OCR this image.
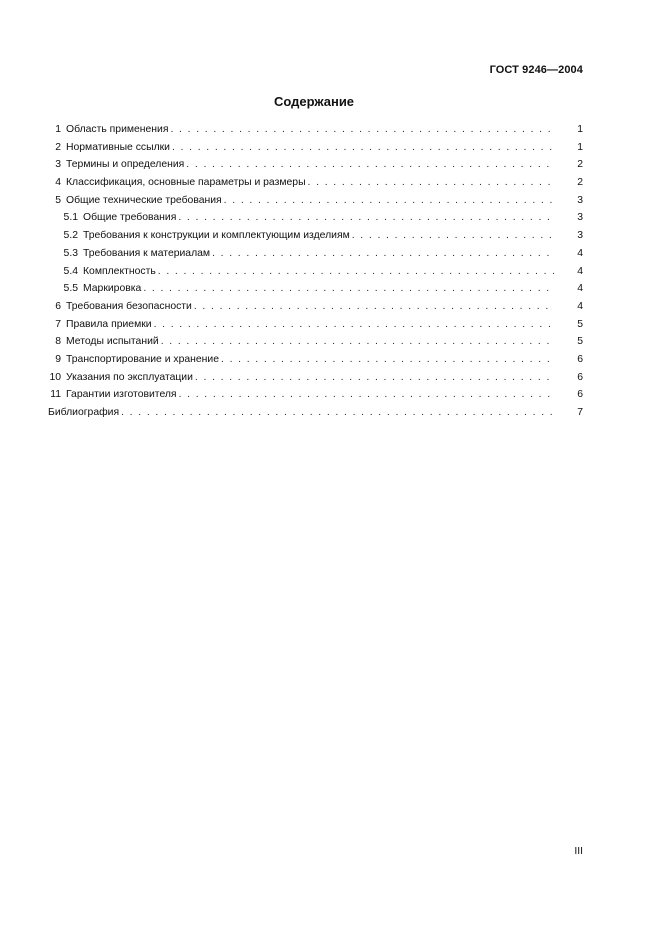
ГОСТ 9246—2004
Содержание
1 Область применения . . .	1
2 Нормативные ссылки . . .	1
3 Термины и определения . . .	2
4 Классификация, основные параметры и размеры . . .	2
5 Общие технические требования . . .	3
5.1 Общие требования . . .	3
5.2 Требования к конструкции и комплектующим изделиям . . .	3
5.3 Требования к материалам . . .	4
5.4 Комплектность . . .	4
5.5 Маркировка . . .	4
6 Требования безопасности . . .	4
7 Правила приемки . . .	5
8 Методы испытаний . . .	5
9 Транспортирование и хранение . . .	6
10 Указания по эксплуатации . . .	6
11 Гарантии изготовителя . . .	6
Библиография . . .	7
III
